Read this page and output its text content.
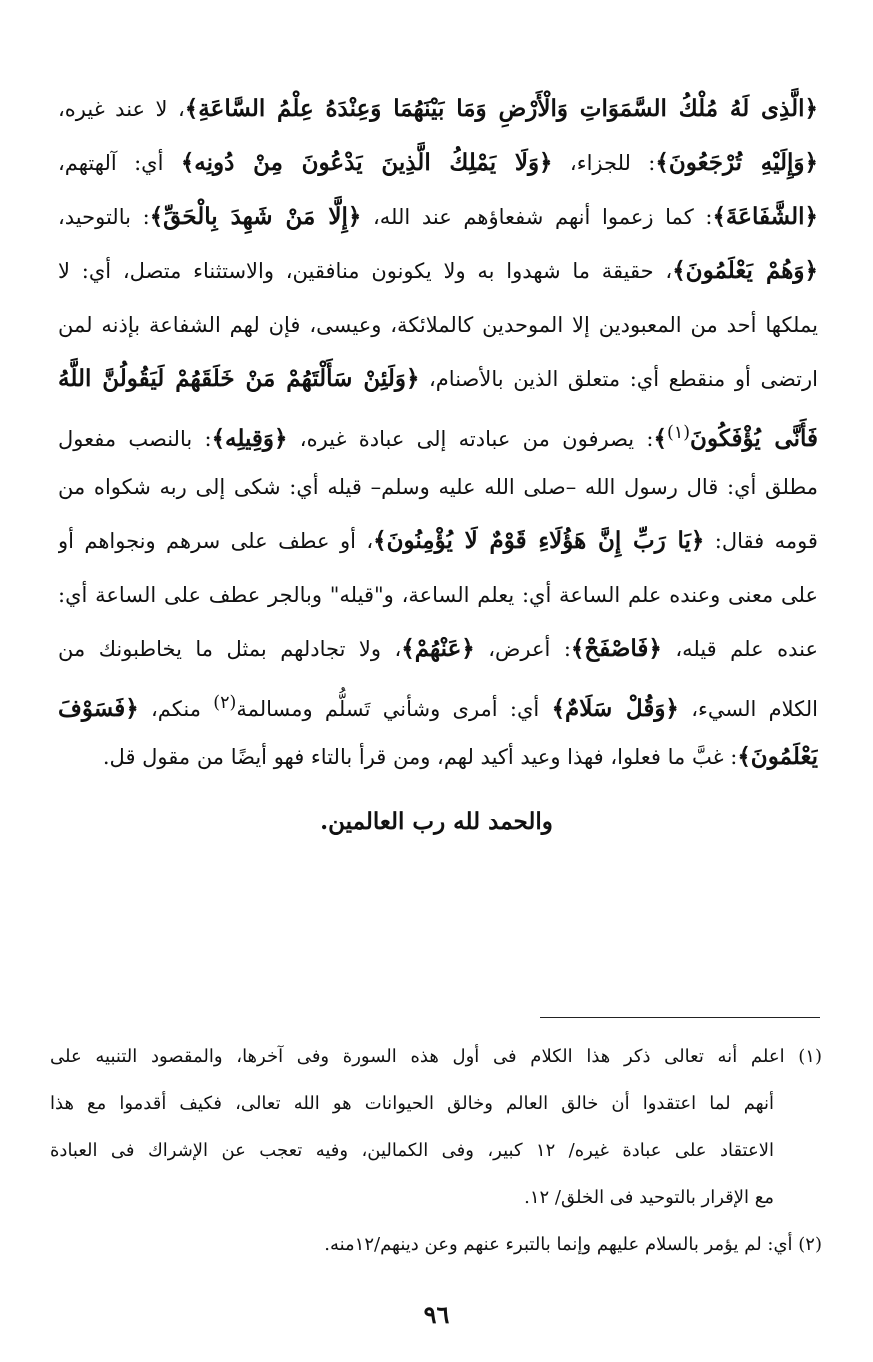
﴿الَّذِى لَهُ مُلْكُ السَّمَوَاتِ وَالْأَرْضِ وَمَا بَيْنَهُمَا وَعِنْدَهُ عِلْمُ السَّاعَةِ﴾، لا عند غيره،
﴿وَإِلَيْهِ تُرْجَعُونَ﴾: للجزاء، ﴿وَلَا يَمْلِكُ الَّذِينَ يَدْعُونَ مِنْ دُونِه﴾ أي: آلهتهم،
﴿الشَّفَاعَةَ﴾: كما زعموا أنهم شفعاؤهم عند الله، ﴿إِلَّا مَنْ شَهِدَ بِالْحَقِّ﴾: بالتوحيد،
﴿وَهُمْ يَعْلَمُونَ﴾، حقيقة ما شهدوا به ولا يكونون منافقين، والاستثناء متصل، أي: لا
يملكها أحد من المعبودين إلا الموحدين كالملائكة، وعيسى، فإن لهم الشفاعة بإذنه لمن
ارتضى أو منقطع أي: متعلق الذين بالأصنام، ﴿وَلَئِنْ سَأَلْتَهُمْ مَنْ خَلَقَهُمْ لَيَقُولُنَّ اللَّهُ
فَأَنَّى يُؤْفَكُونَ$^{(١)}$﴾: يصرفون من عبادته إلى عبادة غيره، ﴿وَقِيلِه﴾: بالنصب مفعول
مطلق أي: قال رسول الله –صلى الله عليه وسلم– قيله أي: شكى إلى ربه شكواه من
قومه فقال: ﴿يَا رَبِّ إِنَّ هَؤُلَاءِ قَوْمٌ لَا يُؤْمِنُونَ﴾، أو عطف على سرهم ونجواهم أو
على معنى وعنده علم الساعة أي: يعلم الساعة، و"قيله" وبالجر عطف على الساعة أي:
عنده علم قيله، ﴿فَاصْفَحْ﴾: أعرض، ﴿عَنْهُمْ﴾، ولا تجادلهم بمثل ما يخاطبونك من
الكلام السيء، ﴿وَقُلْ سَلَامٌ﴾ أي: أمرى وشأني تَسلُّم ومسالمة$^{(٢)}$ منكم، ﴿فَسَوْفَ
يَعْلَمُونَ﴾: غبَّ ما فعلوا، فهذا وعيد أكيد لهم، ومن قرأ بالتاء فهو أيضًا من مقول قل.
والحمد لله رب العالمين.
(١) اعلم أنه تعالى ذكر هذا الكلام فى أول هذه السورة وفى آخرها، والمقصود التنبيه على
أنهم لما اعتقدوا أن خالق العالم وخالق الحيوانات هو الله تعالى، فكيف أقدموا مع هذا
الاعتقاد على عبادة غيره/ ١٢ كبير، وفى الكمالين، وفيه تعجب عن الإشراك فى العبادة
مع الإقرار بالتوحيد فى الخلق/ ١٢.
(٢) أي: لم يؤمر بالسلام عليهم وإنما بالتبرء عنهم وعن دينهم/١٢منه.
٩٦
